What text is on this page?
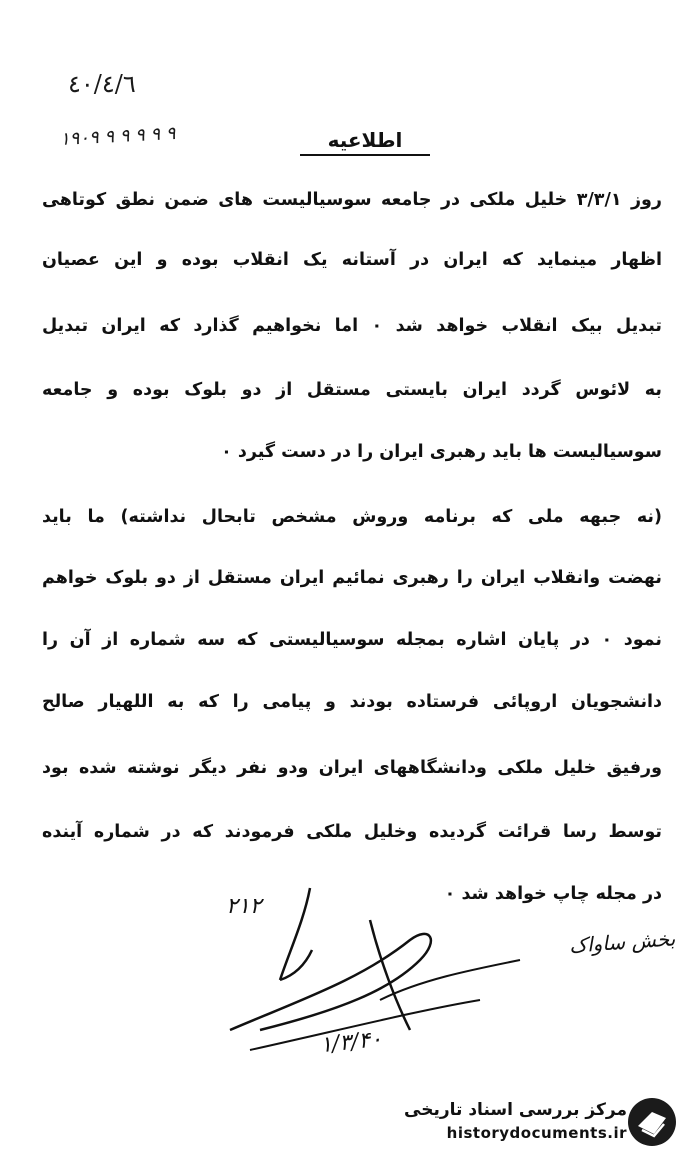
٤٠/٤/٦
۱۹۰۹ ۹ ۹ ۹ ۹ ۹	اطلاعیه
روز ۳/۳/۱ خلیل ملکی در جامعه سوسیالیست های ضمن نطق کوتاهی
اظهار مینماید که ایران در آستانه یک انقلاب بوده و این عصیان
تبدیل بیک انقلاب خواهد شد ۰ اما نخواهیم گذارد که ایران تبدیل
به لائوس گردد ایران بایستی مستقل از دو بلوک بوده و جامعه
سوسیالیست ها باید رهبری ایران را در دست گیرد ۰
(نه جبهه ملی که برنامه وروش مشخص تابحال نداشته) ما باید
نهضت وانقلاب ایران را رهبری نمائیم ایران مستقل از دو بلوک خواهم
نمود ۰ در پایان اشاره بمجله سوسیالیستی که سه شماره از آن را
دانشجویان اروپائی فرستاده بودند و پیامی را که به اللهیار صالح
ورفیق خلیل ملکی ودانشگاههای ایران ودو نفر دیگر نوشته شده بود
توسط رسا قرائت گردیده وخلیل ملکی فرمودند که در شماره آینده
در مجله چاپ خواهد شد ۰
۲۱۲
بخش ساواک
۱/۳/۴۰
مرکز بررسی اسناد تاریخی
historydocuments.ir
